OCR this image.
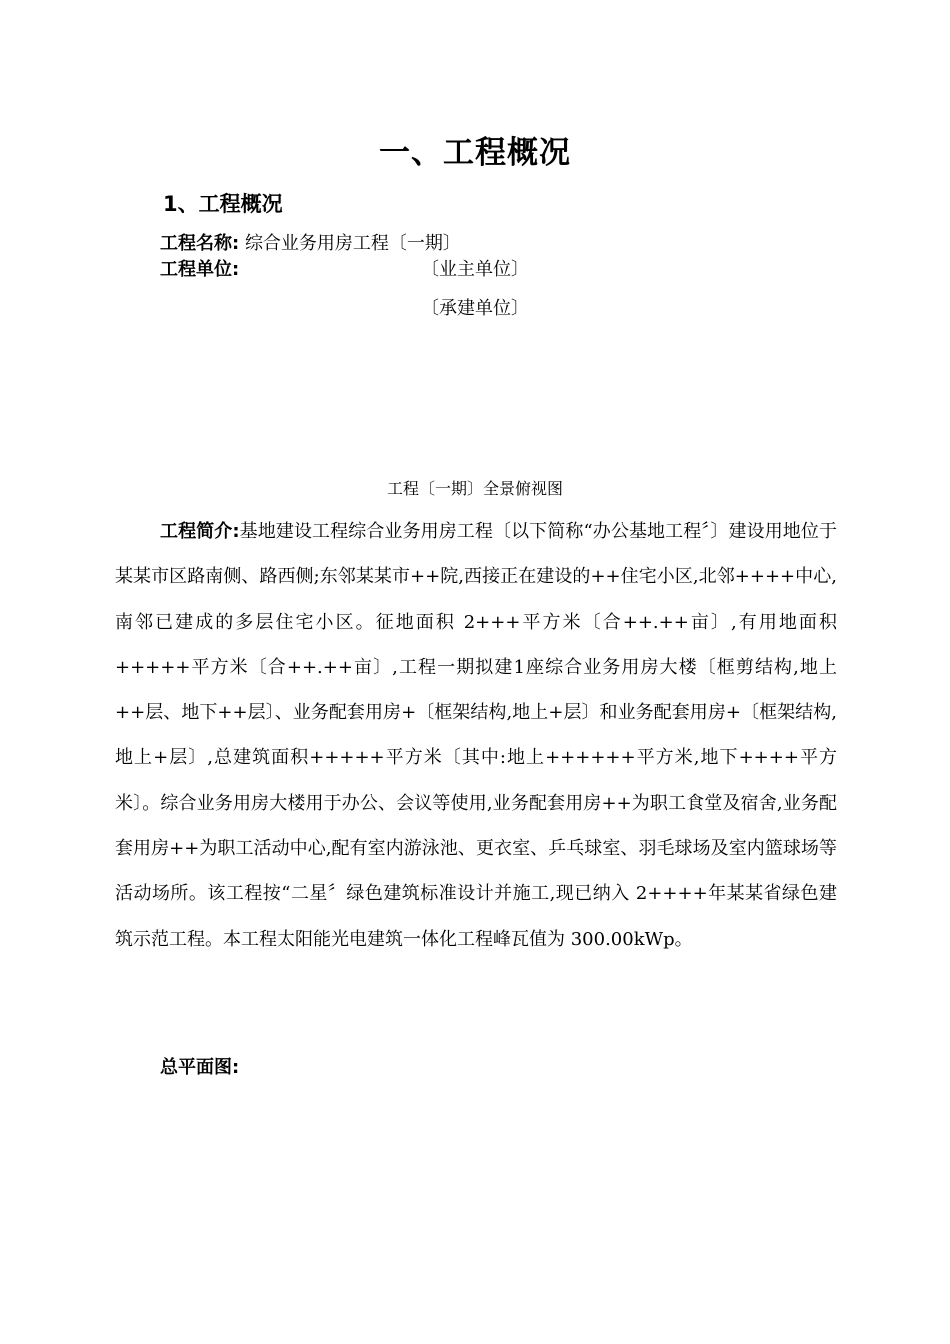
一、工程概况
1、工程概况
工程名称: 综合业务用房工程〔一期〕
工程单位:	〔业主单位〕
〔承建单位〕
工程〔一期〕全景俯视图

工程简介:基地建设工程综合业务用房工程〔以下简称“办公基地工程〞〕建设用地位于某某市区路南侧、路西侧;东邻某某市++院,西接正在建设的++住宅小区,北邻++++中心,南邻已建成的多层住宅小区。征地面积 2+++平方米〔合++.++亩〕,有用地面积+++++平方米〔合++.++亩〕,工程一期拟建1座综合业务用房大楼〔框剪结构,地上++层、地下++层〕、业务配套用房+〔框架结构,地上+层〕和业务配套用房+〔框架结构,地上+层〕,总建筑面积+++++平方米〔其中:地上++++++平方米,地下++++平方米〕。综合业务用房大楼用于办公、会议等使用,业务配套用房++为职工食堂及宿舍,业务配套用房++为职工活动中心,配有室内游泳池、更衣室、乒乓球室、羽毛球场及室内篮球场等活动场所。该工程按“二星〞绿色建筑标准设计并施工,现已纳入 2++++年某某省绿色建筑示范工程。本工程太阳能光电建筑一体化工程峰瓦值为 300.00kWp。

总平面图:
